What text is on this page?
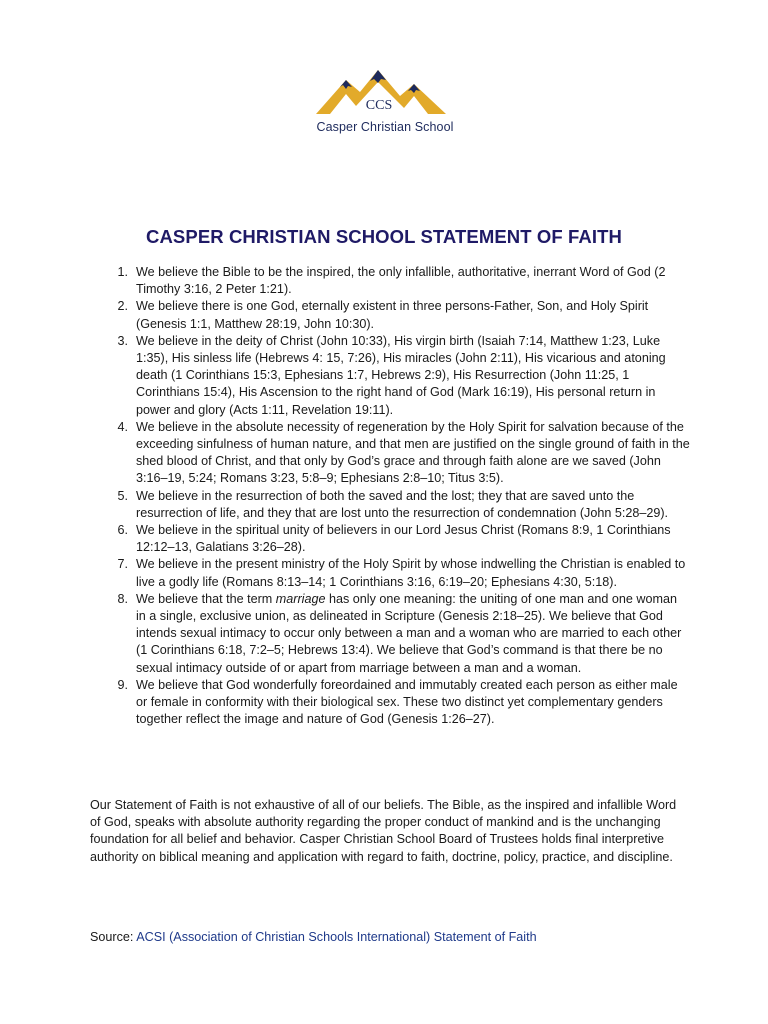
CCS
Casper Christian School
CASPER CHRISTIAN SCHOOL STATEMENT OF FAITH
1. We believe the Bible to be the inspired, the only infallible, authoritative, inerrant Word of God (2 Timothy 3:16, 2 Peter 1:21).
2. We believe there is one God, eternally existent in three persons-Father, Son, and Holy Spirit (Genesis 1:1, Matthew 28:19, John 10:30).
3. We believe in the deity of Christ (John 10:33), His virgin birth (Isaiah 7:14, Matthew 1:23, Luke 1:35), His sinless life (Hebrews 4: 15, 7:26), His miracles (John 2:11), His vicarious and atoning death (1 Corinthians 15:3, Ephesians 1:7, Hebrews 2:9), His Resurrection (John 11:25, 1 Corinthians 15:4), His Ascension to the right hand of God (Mark 16:19), His personal return in power and glory (Acts 1:11, Revelation 19:11).
4. We believe in the absolute necessity of regeneration by the Holy Spirit for salvation because of the exceeding sinfulness of human nature, and that men are justified on the single ground of faith in the shed blood of Christ, and that only by God’s grace and through faith alone are we saved (John 3:16–19, 5:24; Romans 3:23, 5:8–9; Ephesians 2:8–10; Titus 3:5).
5. We believe in the resurrection of both the saved and the lost; they that are saved unto the resurrection of life, and they that are lost unto the resurrection of condemnation (John 5:28–29).
6. We believe in the spiritual unity of believers in our Lord Jesus Christ (Romans 8:9, 1 Corinthians 12:12–13, Galatians 3:26–28).
7. We believe in the present ministry of the Holy Spirit by whose indwelling the Christian is enabled to live a godly life (Romans 8:13–14; 1 Corinthians 3:16, 6:19–20; Ephesians 4:30, 5:18).
8. We believe that the term marriage has only one meaning: the uniting of one man and one woman in a single, exclusive union, as delineated in Scripture (Genesis 2:18–25). We believe that God intends sexual intimacy to occur only between a man and a woman who are married to each other (1 Corinthians 6:18, 7:2–5; Hebrews 13:4). We believe that God’s command is that there be no sexual intimacy outside of or apart from marriage between a man and a woman.
9. We believe that God wonderfully foreordained and immutably created each person as either male or female in conformity with their biological sex. These two distinct yet complementary genders together reflect the image and nature of God (Genesis 1:26–27).

Our Statement of Faith is not exhaustive of all of our beliefs. The Bible, as the inspired and infallible Word of God, speaks with absolute authority regarding the proper conduct of mankind and is the unchanging foundation for all belief and behavior. Casper Christian School Board of Trustees holds final interpretive authority on biblical meaning and application with regard to faith, doctrine, policy, practice, and discipline.

Source: ACSI (Association of Christian Schools International) Statement of Faith
